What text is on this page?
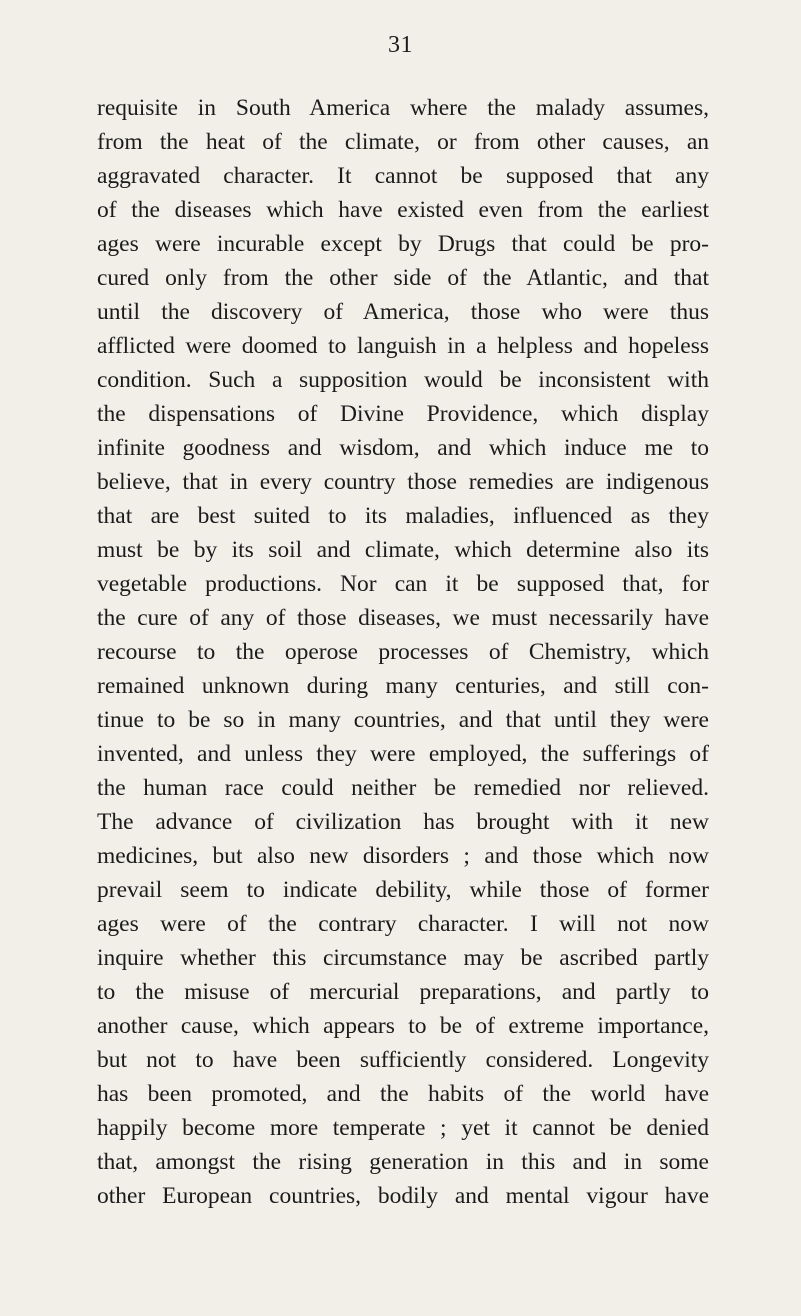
31
requisite in South America where the malady assumes,
from the heat of the climate, or from other causes, an
aggravated character. It cannot be supposed that any
of the diseases which have existed even from the earliest
ages were incurable except by Drugs that could be pro-
cured only from the other side of the Atlantic, and that
until the discovery of America, those who were thus
afflicted were doomed to languish in a helpless and hopeless
condition. Such a supposition would be inconsistent with
the dispensations of Divine Providence, which display
infinite goodness and wisdom, and which induce me to
believe, that in every country those remedies are indigenous
that are best suited to its maladies, influenced as they
must be by its soil and climate, which determine also its
vegetable productions. Nor can it be supposed that, for
the cure of any of those diseases, we must necessarily have
recourse to the operose processes of Chemistry, which
remained unknown during many centuries, and still con-
tinue to be so in many countries, and that until they were
invented, and unless they were employed, the sufferings of
the human race could neither be remedied nor relieved.
The advance of civilization has brought with it new
medicines, but also new disorders ; and those which now
prevail seem to indicate debility, while those of former
ages were of the contrary character. I will not now
inquire whether this circumstance may be ascribed partly
to the misuse of mercurial preparations, and partly to
another cause, which appears to be of extreme importance,
but not to have been sufficiently considered. Longevity
has been promoted, and the habits of the world have
happily become more temperate ; yet it cannot be denied
that, amongst the rising generation in this and in some
other European countries, bodily and mental vigour have
